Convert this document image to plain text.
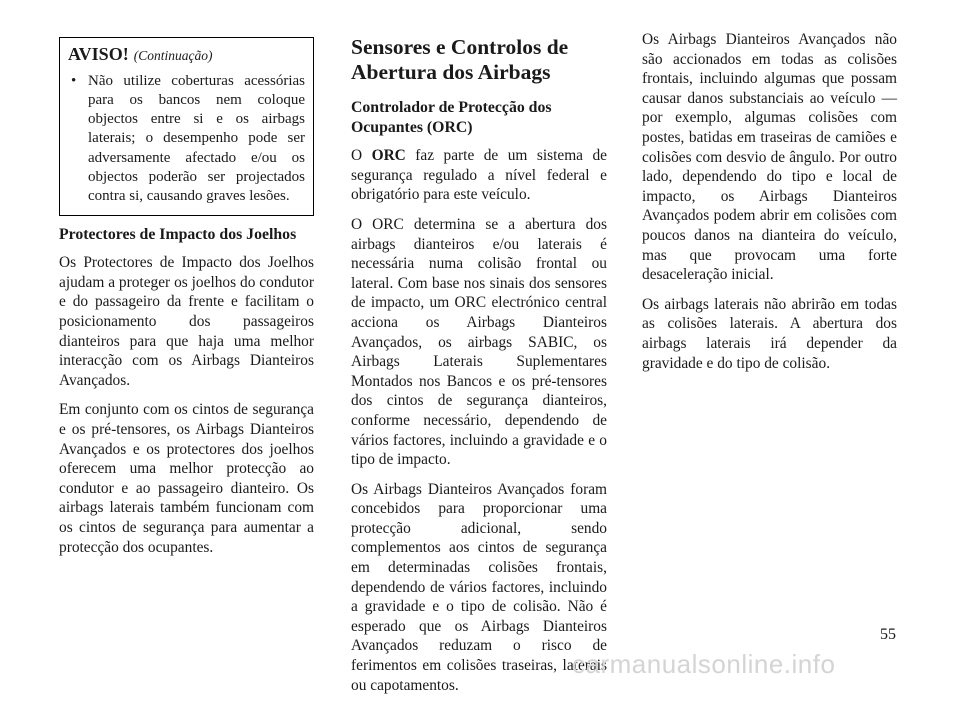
AVISO! (Continuação)
• Não utilize coberturas acessórias para os bancos nem coloque objectos entre si e os airbags laterais; o desempenho pode ser adversamente afectado e/ou os objectos poderão ser projectados contra si, causando graves lesões.
Protectores de Impacto dos Joelhos

Os Protectores de Impacto dos Joelhos ajudam a proteger os joelhos do condutor e do passageiro da frente e facilitam o posicionamento dos passageiros dianteiros para que haja uma melhor interacção com os Airbags Dianteiros Avançados.

Em conjunto com os cintos de segurança e os pré-tensores, os Airbags Dianteiros Avançados e os protectores dos joelhos oferecem uma melhor protecção ao condutor e ao passageiro dianteiro. Os airbags laterais também funcionam com os cintos de segurança para aumentar a protecção dos ocupantes.

Sensores e Controlos de Abertura dos Airbags
Controlador de Protecção dos Ocupantes (ORC)

O ORC faz parte de um sistema de segurança regulado a nível federal e obrigatório para este veículo.

O ORC determina se a abertura dos airbags dianteiros e/ou laterais é necessária numa colisão frontal ou lateral. Com base nos sinais dos sensores de impacto, um ORC electrónico central acciona os Airbags Dianteiros Avançados, os airbags SABIC, os Airbags Laterais Suplementares Montados nos Bancos e os pré-tensores dos cintos de segurança dianteiros, conforme necessário, dependendo de vários factores, incluindo a gravidade e o tipo de impacto.

Os Airbags Dianteiros Avançados foram concebidos para proporcionar uma protecção adicional, sendo complementos aos cintos de segurança em determinadas colisões frontais, dependendo de vários factores, incluindo a gravidade e o tipo de colisão. Não é esperado que os Airbags Dianteiros Avançados reduzam o risco de ferimentos em colisões traseiras, laterais ou capotamentos.

Os Airbags Dianteiros Avançados não são accionados em todas as colisões frontais, incluindo algumas que possam causar danos substanciais ao veículo — por exemplo, algumas colisões com postes, batidas em traseiras de camiões e colisões com desvio de ângulo. Por outro lado, dependendo do tipo e local de impacto, os Airbags Dianteiros Avançados podem abrir em colisões com poucos danos na dianteira do veículo, mas que provocam uma forte desaceleração inicial.

Os airbags laterais não abrirão em todas as colisões laterais. A abertura dos airbags laterais irá depender da gravidade e do tipo de colisão.

55
carmanualsonline.info
